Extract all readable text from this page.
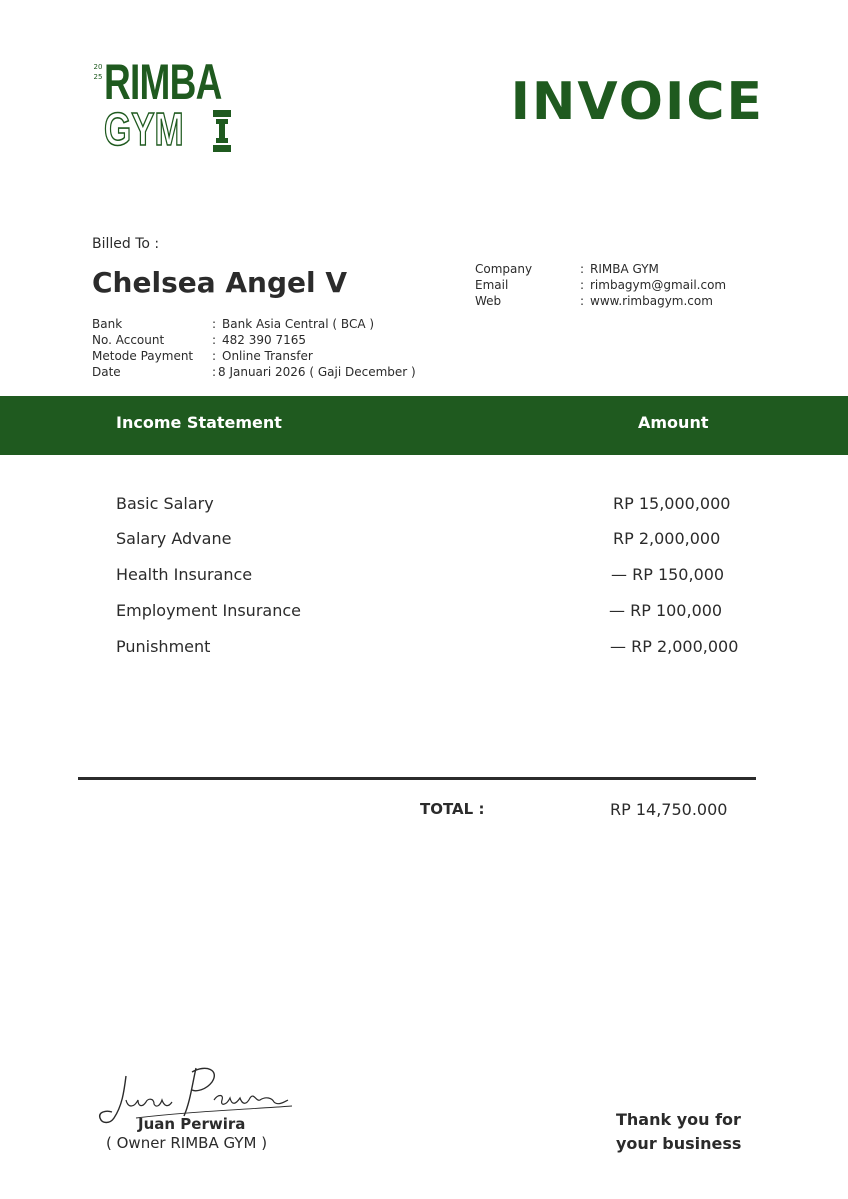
20
25 RIMBA
GYM	INVOICE
Billed To :
Chelsea Angel V
Bank	: Bank Asia Central ( BCA )
No. Account	: 482 390 7165
Metode Payment	: Online Transfer
Date	: 8 Januari 2026 ( Gaji December )
Company	: RIMBA GYM
Email	: rimbagym@gmail.com
Web	: www.rimbagym.com
Income Statement	Amount
Basic Salary	RP 15,000,000
Salary Advane	RP 2,000,000
Health Insurance	— RP 150,000
Employment Insurance	— RP 100,000
Punishment	— RP 2,000,000
TOTAL :	RP 14,750.000
Juan Perwira
( Owner RIMBA GYM )
Thank you for
your business
